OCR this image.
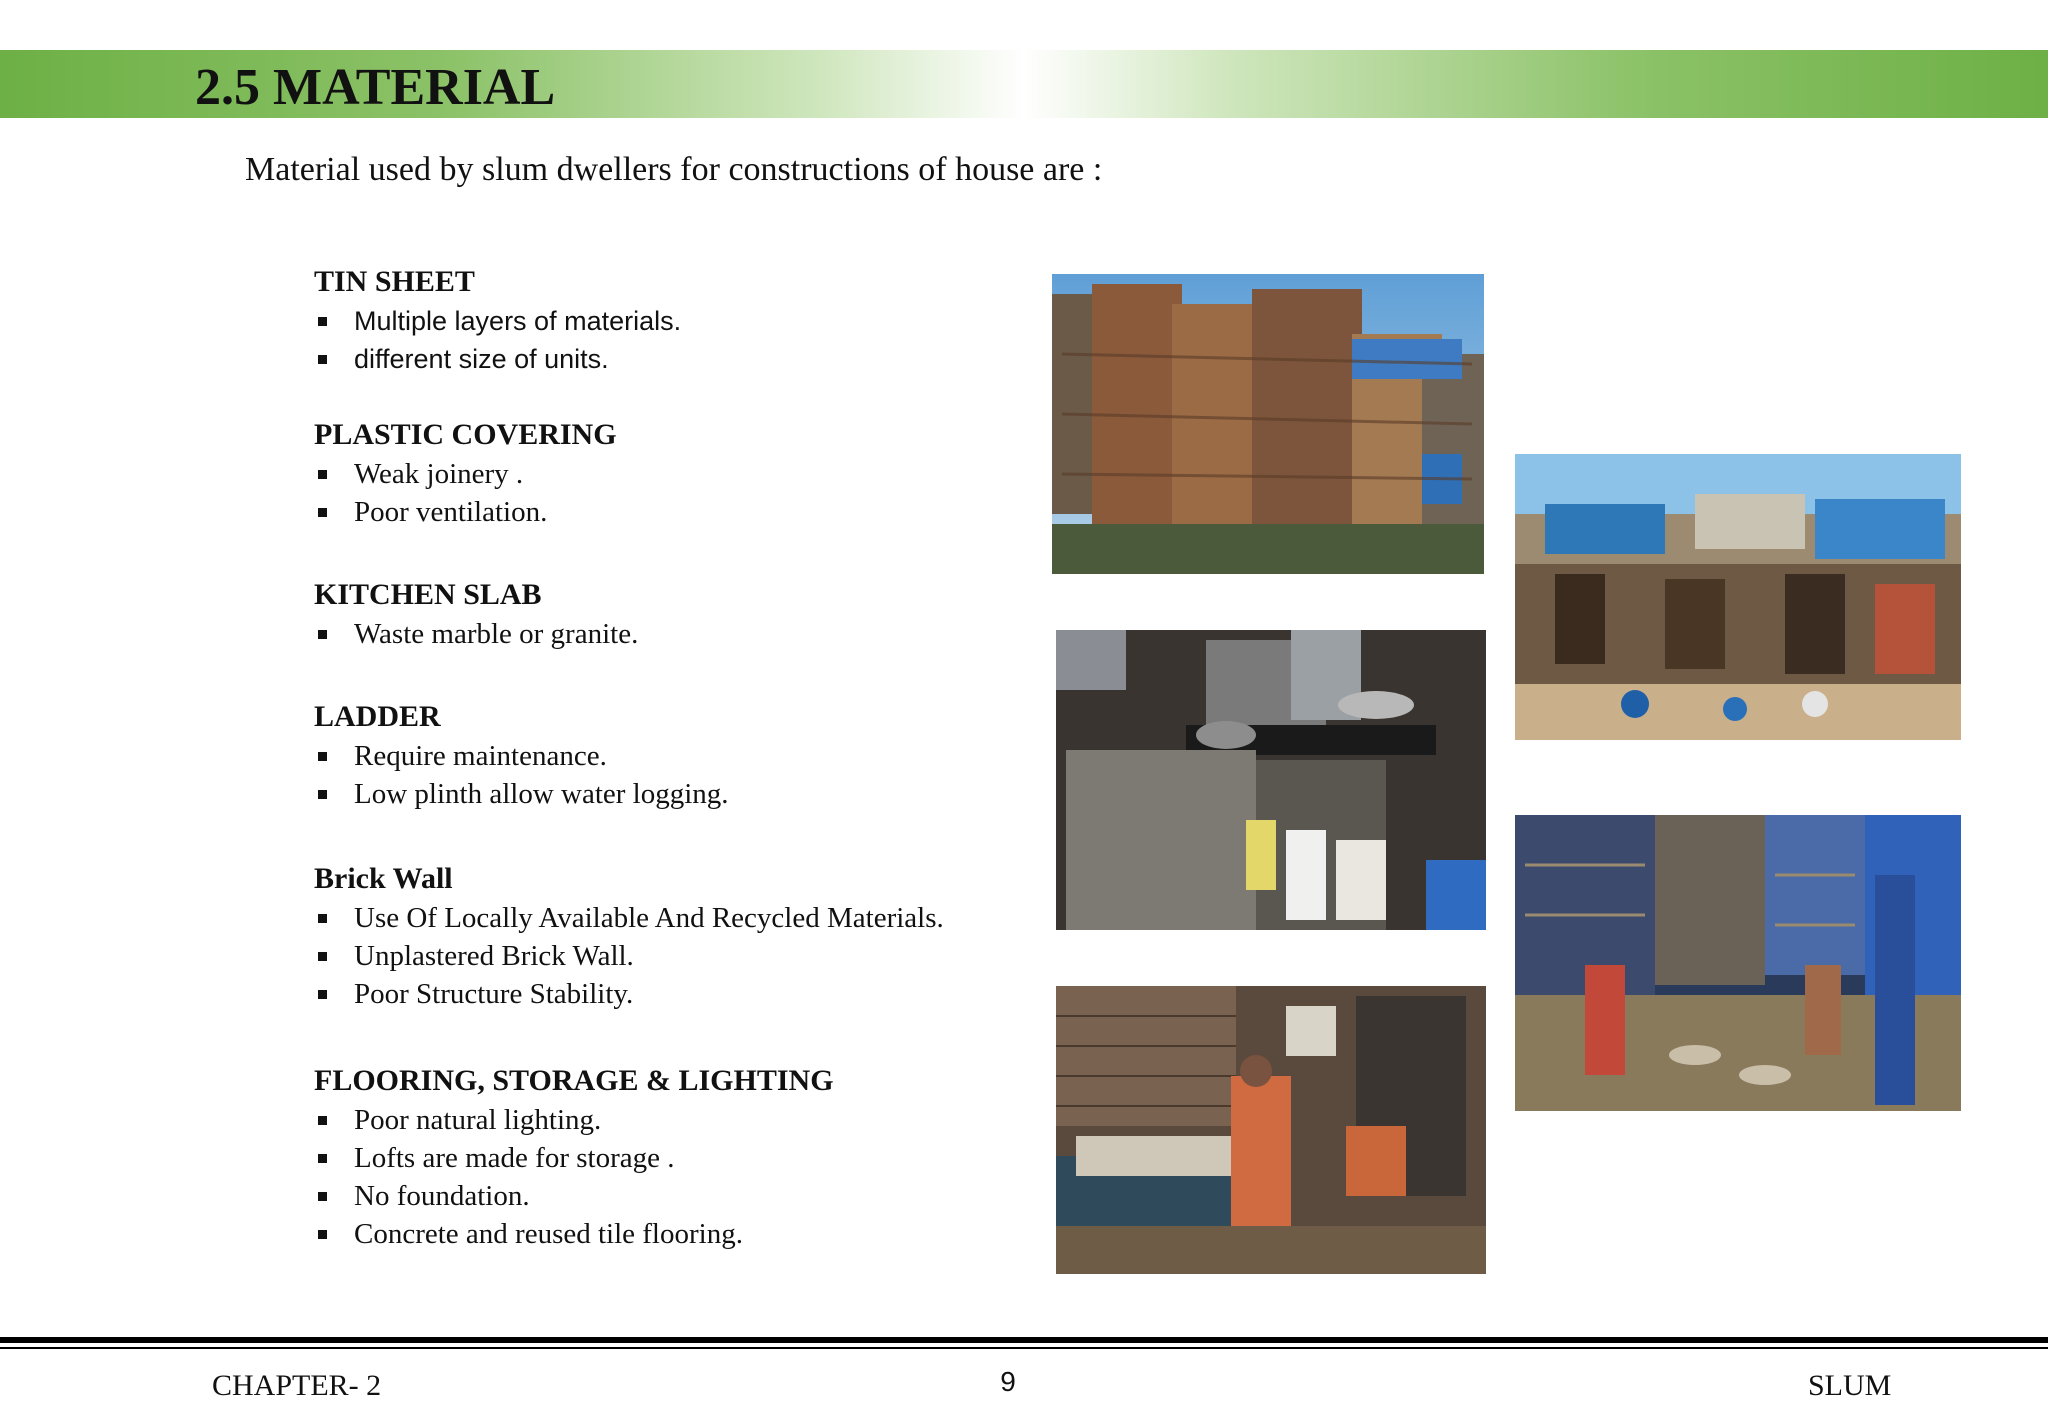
2.5 MATERIAL
Material used by slum dwellers for constructions of house are :

TIN SHEET

Multiple layers of materials.
different size of units.

PLASTIC COVERING

Weak joinery .
Poor ventilation.

KITCHEN SLAB

Waste marble or granite.

LADDER

Require maintenance.
Low plinth allow water logging.

Brick Wall

Use Of Locally Available And Recycled Materials.
Unplastered Brick Wall.
Poor Structure Stability.

FLOORING, STORAGE & LIGHTING

Poor natural lighting.
Lofts are made for storage .
No foundation.
Concrete and reused tile flooring.
CHAPTER- 2	9	SLUM
